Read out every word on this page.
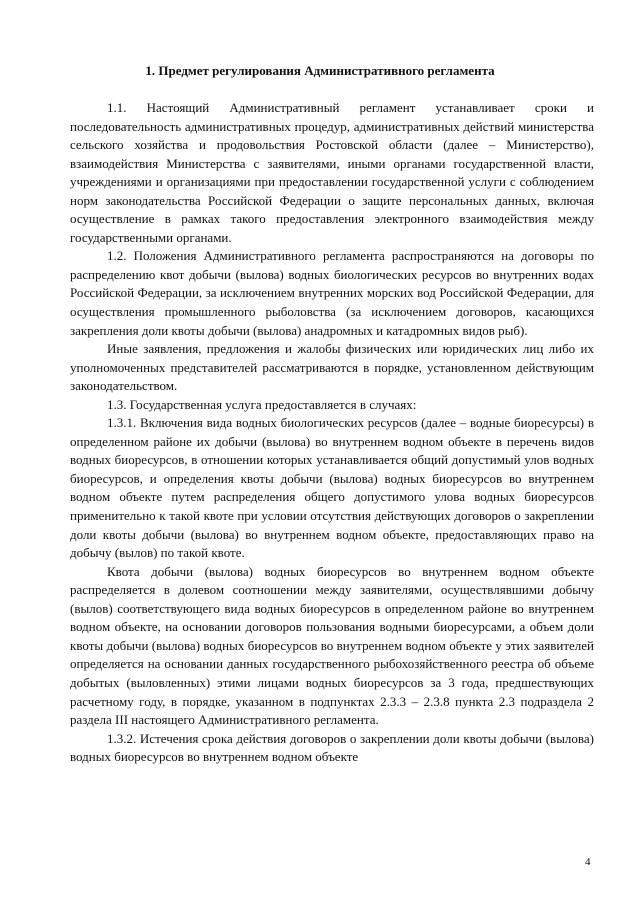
1. Предмет регулирования Административного регламента

1.1. Настоящий Административный регламент устанавливает сроки и последовательность административных процедур, административных действий министерства сельского хозяйства и продовольствия Ростовской области (далее – Министерство), взаимодействия Министерства с заявителями, иными органами государственной власти, учреждениями и организациями при предоставлении государственной услуги с соблюдением норм законодательства Российской Федерации о защите персональных данных, включая осуществление в рамках такого предоставления электронного взаимодействия между государственными органами.

1.2. Положения Административного регламента распространяются на договоры по распределению квот добычи (вылова) водных биологических ресурсов во внутренних водах Российской Федерации, за исключением внутренних морских вод Российской Федерации, для осуществления промышленного рыболовства (за исключением договоров, касающихся закрепления доли квоты добычи (вылова) анадромных и катадромных видов рыб).

Иные заявления, предложения и жалобы физических или юридических лиц либо их уполномоченных представителей рассматриваются в порядке, установленном действующим законодательством.

1.3. Государственная услуга предоставляется в случаях:

1.3.1. Включения вида водных биологических ресурсов (далее – водные биоресурсы) в определенном районе их добычи (вылова) во внутреннем водном объекте в перечень видов водных биоресурсов, в отношении которых устанавливается общий допустимый улов водных биоресурсов, и определения квоты добычи (вылова) водных биоресурсов во внутреннем водном объекте путем распределения общего допустимого улова водных биоресурсов применительно к такой квоте при условии отсутствия действующих договоров о закреплении доли квоты добычи (вылова) во внутреннем водном объекте, предоставляющих право на добычу (вылов) по такой квоте.

Квота добычи (вылова) водных биоресурсов во внутреннем водном объекте распределяется в долевом соотношении между заявителями, осуществлявшими добычу (вылов) соответствующего вида водных биоресурсов в определенном районе во внутреннем водном объекте, на основании договоров пользования водными биоресурсами, а объем доли квоты добычи (вылова) водных биоресурсов во внутреннем водном объекте у этих заявителей определяется на основании данных государственного рыбохозяйственного реестра об объеме добытых (выловленных) этими лицами водных биоресурсов за 3 года, предшествующих расчетному году, в порядке, указанном в подпунктах 2.3.3 – 2.3.8 пункта 2.3 подраздела 2 раздела III настоящего Административного регламента.

1.3.2. Истечения срока действия договоров о закреплении доли квоты добычи (вылова) водных биоресурсов во внутреннем водном объекте

4
